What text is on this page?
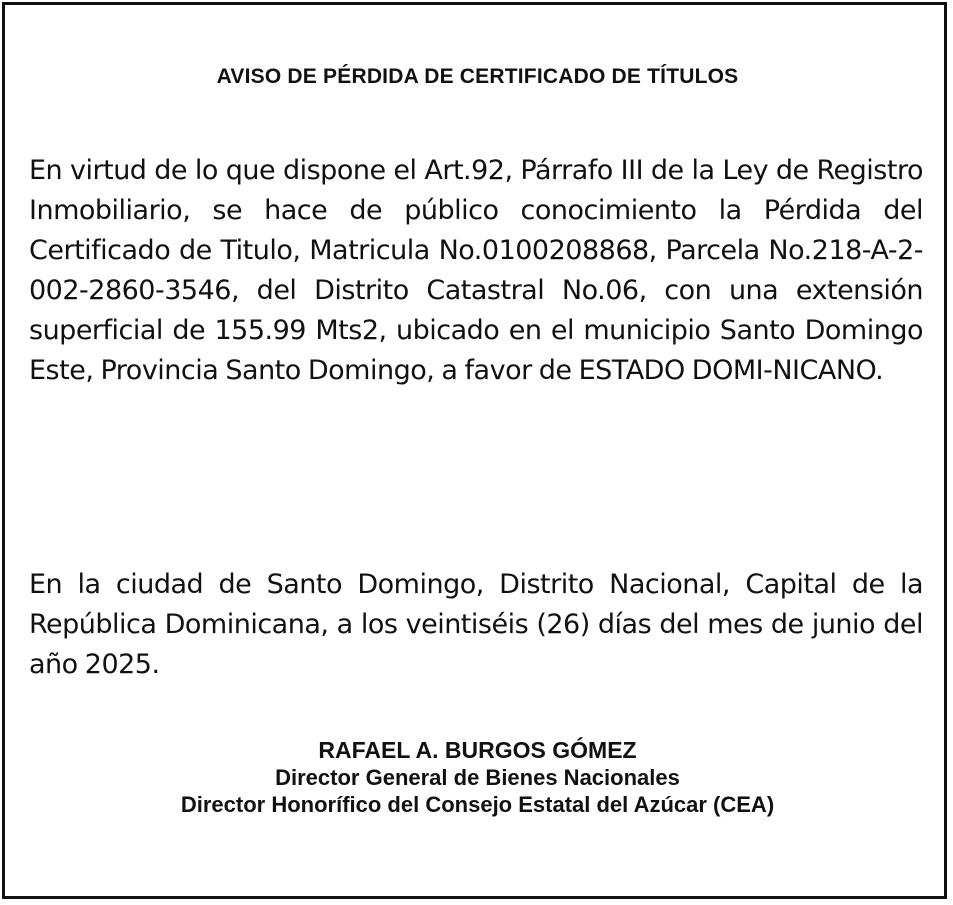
AVISO DE PÉRDIDA DE CERTIFICADO DE TÍTULOS
En virtud de lo que dispone el Art.92, Párrafo III de la Ley de Registro Inmobiliario, se hace de público conocimiento la Pérdida del Certificado de Titulo, Matricula No.0100208868, Parcela No.218-A-2-002-2860-3546, del Distrito Catastral No.06, con una extensión superficial de 155.99 Mts2, ubicado en el municipio Santo Domingo Este, Provincia Santo Domingo, a favor de ESTADO DOMI-NICANO.
En la ciudad de Santo Domingo, Distrito Nacional, Capital de la República Dominicana, a los veintiséis (26) días del mes de junio del año 2025.
RAFAEL A. BURGOS GÓMEZ
Director General de Bienes Nacionales
Director Honorífico del Consejo Estatal del Azúcar (CEA)
